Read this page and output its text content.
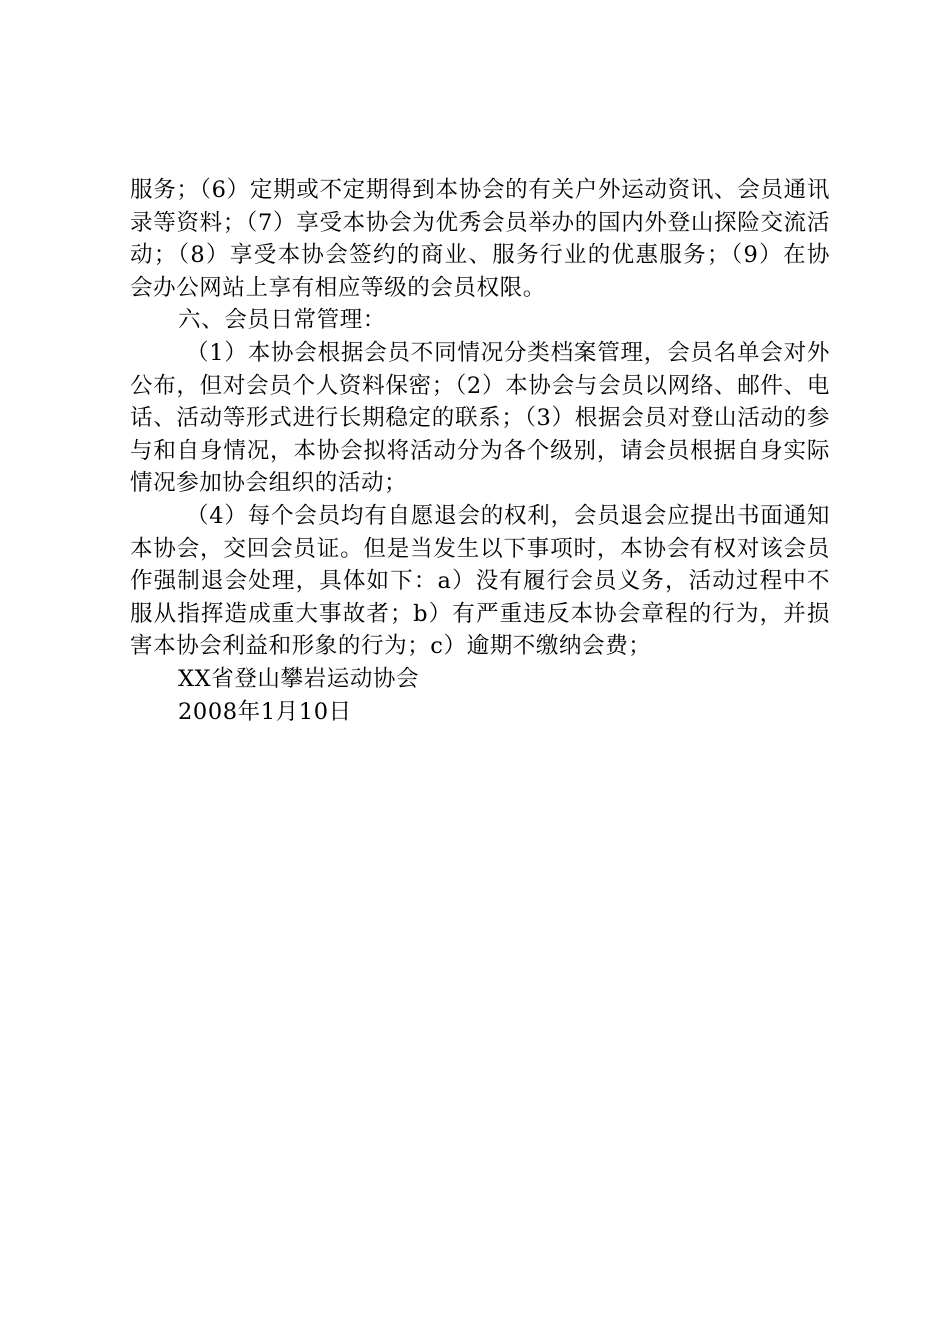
服务；（6）定期或不定期得到本协会的有关户外运动资讯、会员通讯录等资料；（7）享受本协会为优秀会员举办的国内外登山探险交流活动；（8）享受本协会签约的商业、服务行业的优惠服务；（9）在协会办公网站上享有相应等级的会员权限。

六、会员日常管理：

（1）本协会根据会员不同情况分类档案管理，会员名单会对外公布，但对会员个人资料保密；（2）本协会与会员以网络、邮件、电话、活动等形式进行长期稳定的联系；（3）根据会员对登山活动的参与和自身情况，本协会拟将活动分为各个级别，请会员根据自身实际情况参加协会组织的活动；

（4）每个会员均有自愿退会的权利，会员退会应提出书面通知本协会，交回会员证。但是当发生以下事项时，本协会有权对该会员作强制退会处理，具体如下：a）没有履行会员义务，活动过程中不服从指挥造成重大事故者；b）有严重违反本协会章程的行为，并损害本协会利益和形象的行为；c）逾期不缴纳会费；

XX省登山攀岩运动协会

2008年1月10日
